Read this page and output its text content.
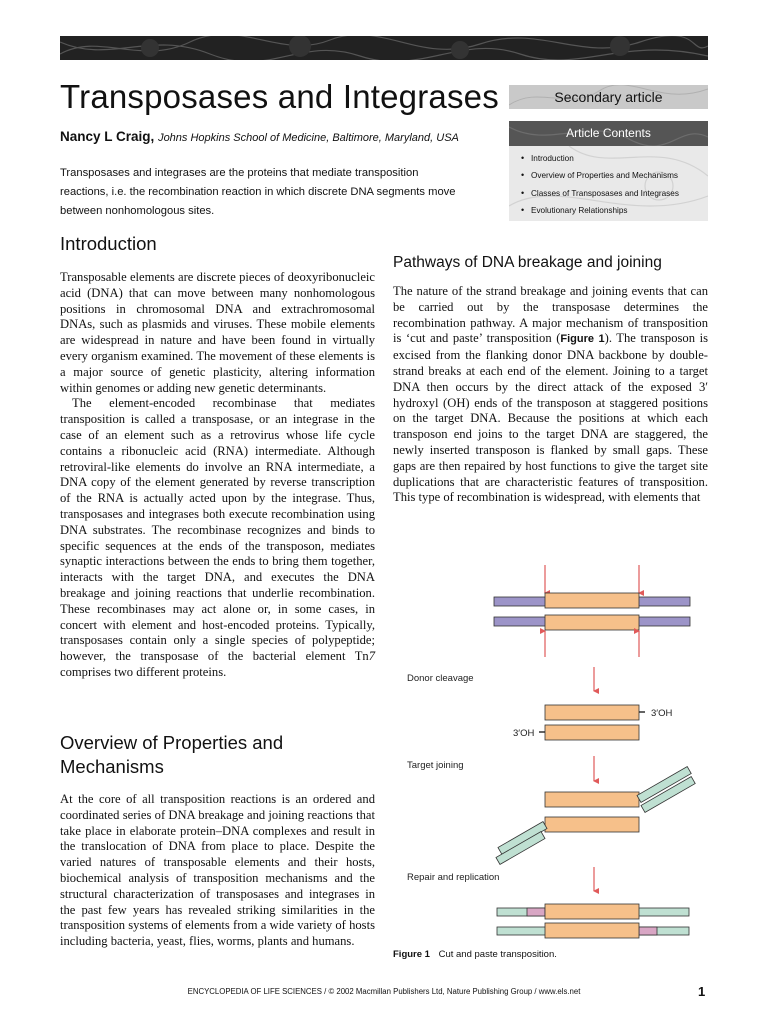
Transposases and Integrases
Nancy L Craig, Johns Hopkins School of Medicine, Baltimore, Maryland, USA

Transposases and integrases are the proteins that mediate transposition reactions, i.e. the recombination reaction in which discrete DNA segments move between nonhomologous sites.

Secondary article
Article Contents
• Introduction
• Overview of Properties and Mechanisms
• Classes of Transposases and Integrases
• Evolutionary Relationships
Introduction

Transposable elements are discrete pieces of deoxyribonucleic acid (DNA) that can move between many nonhomologous positions in chromosomal DNA and extrachromosomal DNAs, such as plasmids and viruses. These mobile elements are widespread in nature and have been found in virtually every organism examined. The movement of these elements is a major source of genetic plasticity, altering information within genomes or adding new genetic determinants.

The element-encoded recombinase that mediates transposition is called a transposase, or an integrase in the case of an element such as a retrovirus whose life cycle contains a ribonucleic acid (RNA) intermediate. Although retroviral-like elements do involve an RNA intermediate, a DNA copy of the element generated by reverse transcription of the RNA is actually acted upon by the integrase. Thus, transposases and integrases both execute recombination using DNA substrates. The recombinase recognizes and binds to specific sequences at the ends of the transposon, mediates synaptic interactions between the ends to bring them together, interacts with the target DNA, and executes the DNA breakage and joining reactions that underlie recombination. These recombinases may act alone or, in some cases, in concert with element and host-encoded proteins. Typically, transposases contain only a single species of polypeptide; however, the transposase of the bacterial element Tn7 comprises two different proteins.

Overview of Properties and Mechanisms

At the core of all transposition reactions is an ordered and coordinated series of DNA breakage and joining reactions that take place in elaborate protein–DNA complexes and result in the translocation of DNA from place to place. Despite the varied natures of transposable elements and their hosts, biochemical analysis of transposition mechanisms and the structural characterization of transposases and integrases in the past few years has revealed striking similarities in the transposition systems of elements from a wide variety of hosts including bacteria, yeast, flies, worms, plants and humans.

Pathways of DNA breakage and joining

The nature of the strand breakage and joining events that can be carried out by the transposase determines the recombination pathway. A major mechanism of transposition is ‘cut and paste’ transposition (Figure 1). The transposon is excised from the flanking donor DNA backbone by double-strand breaks at each end of the element. Joining to a target DNA then occurs by the direct attack of the exposed 3′ hydroxyl (OH) ends of the transposon at staggered positions on the target DNA. Because the positions at which each transposon end joins to the target DNA are staggered, the newly inserted transposon is flanked by small gaps. These gaps are then repaired by host functions to give the target site duplications that are characteristic features of transposition. This type of recombination is widespread, with elements that

Donor cleavage
3′OH
3′OH
Target joining
Repair and replication
Figure 1 Cut and paste transposition.
ENCYCLOPEDIA OF LIFE SCIENCES / © 2002 Macmillan Publishers Ltd, Nature Publishing Group / www.els.net	1
